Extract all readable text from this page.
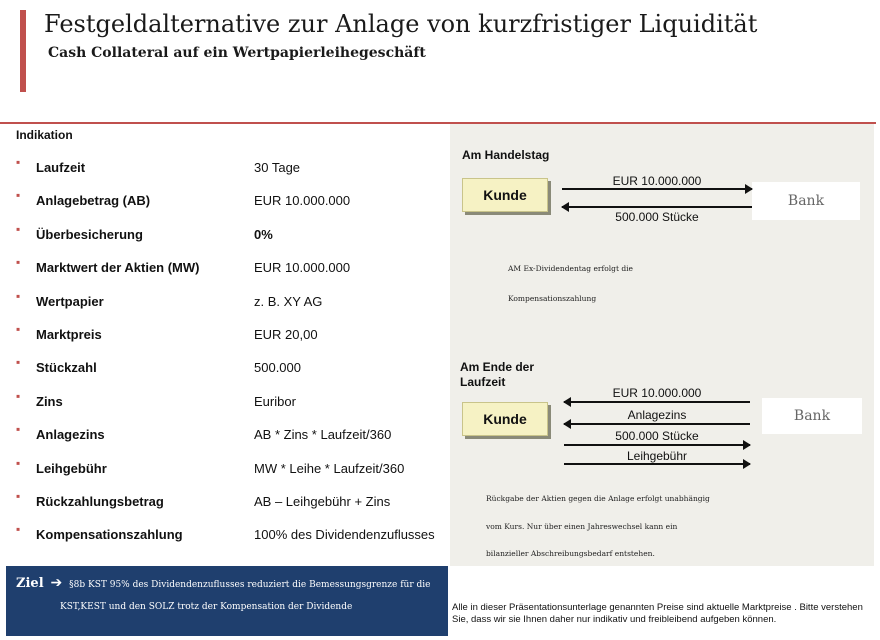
Festgeldalternative zur Anlage von kurzfristiger Liquidität
Cash Collateral auf ein Wertpapierleihegeschäft
Indikation
▪ Laufzeit	30 Tage
▪ Anlagebetrag (AB)	EUR 10.000.000
▪ Überbesicherung	0%
▪ Marktwert der Aktien (MW)	EUR 10.000.000
▪ Wertpapier	z. B. XY AG
▪ Marktpreis	EUR 20,00
▪ Stückzahl	500.000
▪ Zins	Euribor
▪ Anlagezins	AB * Zins * Laufzeit/360
▪ Leihgebühr	MW * Leihe * Laufzeit/360
▪ Rückzahlungsbetrag	AB – Leihgebühr + Zins
▪ Kompensationszahlung	100% des Dividendenzuflusses
Am Handelstag
Kunde	Bank
EUR 10.000.000
500.000 Stücke
AM Ex-Dividendentag erfolgt die
Kompensationszahlung
Am Ende der
Laufzeit
Kunde	Bank
EUR 10.000.000
Anlagezins
500.000 Stücke
Leihgebühr
Rückgabe der Aktien gegen die Anlage erfolgt unabhängig
vom Kurs. Nur über einen Jahreswechsel kann ein
bilanzieller Abschreibungsbedarf entstehen.
Ziel ➔ §8b KST 95% des Dividendenzuflusses reduziert die Bemessungsgrenze für die
KST,KEST und den SOLZ trotz der Kompensation der Dividende	Alle in dieser Präsentationsunterlage genannten Preise sind aktuelle Marktpreise . Bitte verstehen Sie, dass wir sie Ihnen daher nur indikativ und freibleibend aufgeben können.
